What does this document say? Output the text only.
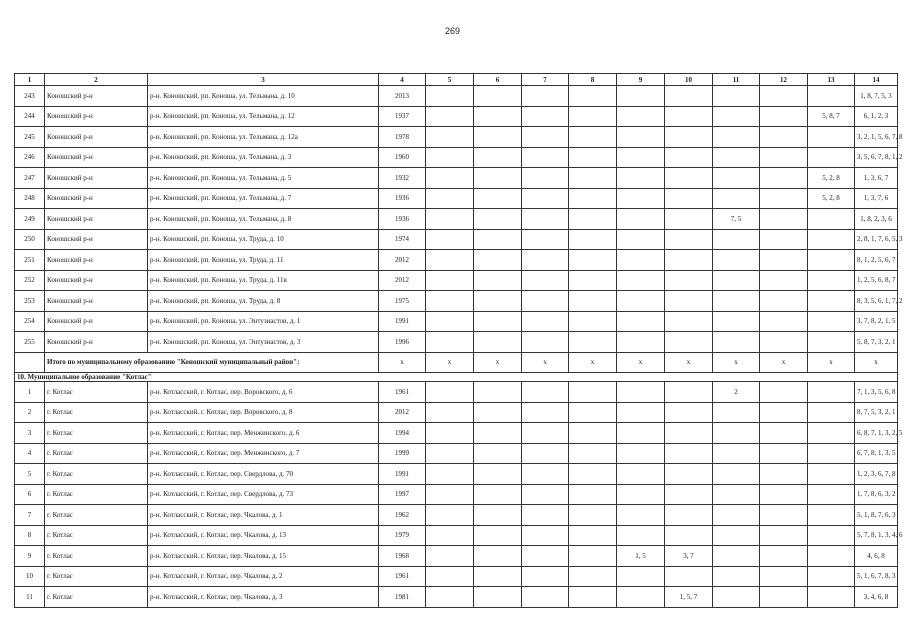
269
1	2	3	4	5	6	7	8	9	10	11	12	13	14
243	Коношский р-н	р-н. Коношский, рп. Коноша, ул. Тельмана, д. 10	2013										1, 8, 7, 5, 3
244	Коношский р-н	р-н. Коношский, рп. Коноша, ул. Тельмана, д. 12	1937									5, 8, 7	6, 1, 2, 3
245	Коношский р-н	р-н. Коношский, рп. Коноша, ул. Тельмана, д. 12а	1978										3, 2, 1, 5, 6, 7, 8
246	Коношский р-н	р-н. Коношский, рп. Коноша, ул. Тельмана, д. 3	1960										3, 5, 6, 7, 8, 1, 2
247	Коношский р-н	р-н. Коношский, рп. Коноша, ул. Тельмана, д. 5	1932									5, 2, 8	1, 3, 6, 7
248	Коношский р-н	р-н. Коношский, рп. Коноша, ул. Тельмана, д. 7	1936									5, 2, 8	1, 3, 7, 6
249	Коношский р-н	р-н. Коношский, рп. Коноша, ул. Тельмана, д. 8	1936							7, 5			1, 8, 2, 3, 6
250	Коношский р-н	р-н. Коношский, рп. Коноша, ул. Труда, д. 10	1974										2, 8, 1, 7, 6, 5, 3
251	Коношский р-н	р-н. Коношский, рп. Коноша, ул. Труда, д. 11	2012										8, 1, 2, 5, 6, 7
252	Коношский р-н	р-н. Коношский, рп. Коноша, ул. Труда, д. 11в	2012										1, 2, 5, 6, 8, 7
253	Коношский р-н	р-н. Коношский, рп. Коноша, ул. Труда, д. 8	1975										8, 3, 5, 6, 1, 7, 2
254	Коношский р-н	р-н. Коношский, рп. Коноша, ул. Энтузиастов, д. 1	1991										3, 7, 8, 2, 1, 5
255	Коношский р-н	р-н. Коношский, рп. Коноша, ул. Энтузиастов, д. 3	1996										5, 8, 7, 3, 2, 1
	Итого по муниципальному образованию "Коношский муниципальный район":		х	х	х	х	х	х	х	х	х	х	х
10. Муниципальное образование "Котлас"													
1	г. Котлас	р-н. Котласский, г. Котлас, пер. Воровского, д. 6	1961							2			7, 1, 3, 5, 6, 8
2	г. Котлас	р-н. Котласский, г. Котлас, пер. Воровского, д. 8	2012										8, 7, 5, 3, 2, 1
3	г. Котлас	р-н. Котласский, г. Котлас, пер. Менжинского, д. 6	1994										6, 8, 7, 1, 3, 2, 5
4	г. Котлас	р-н. Котласский, г. Котлас, пер. Менжинского, д. 7	1999										6, 7, 8, 1, 3, 5
5	г. Котлас	р-н. Котласский, г. Котлас, пер. Свердлова, д. 70	1991										1, 2, 3, 6, 7, 8
6	г. Котлас	р-н. Котласский, г. Котлас, пер. Свердлова, д. 73	1997										1, 7, 8, 6, 3, 2
7	г. Котлас	р-н. Котласский, г. Котлас, пер. Чкалова, д. 1	1962										5, 1, 8, 7, 6, 3
8	г. Котлас	р-н. Котласский, г. Котлас, пер. Чкалова, д. 13	1979										5, 7, 8, 1, 3, 4, 6
9	г. Котлас	р-н. Котласский, г. Котлас, пер. Чкалова, д. 15	1968					1, 5	3, 7				4, 6, 8
10	г. Котлас	р-н. Котласский, г. Котлас, пер. Чкалова, д. 2	1961										5, 1, 6, 7, 8, 3
11	г. Котлас	р-н. Котласский, г. Котлас, пер. Чкалова, д. 3	1981						1, 5, 7				3, 4, 6, 8
